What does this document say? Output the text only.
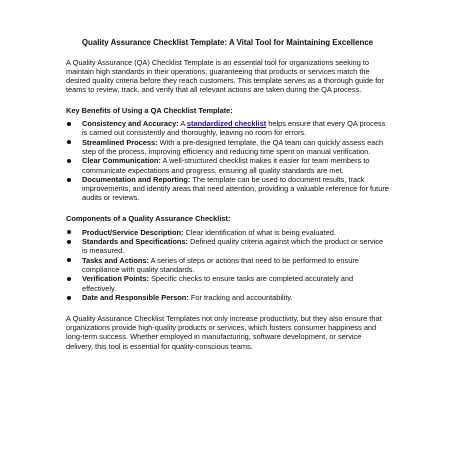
Quality Assurance Checklist Template: A Vital Tool for Maintaining Excellence

A Quality Assurance (QA) Checklist Template is an essential tool for organizations seeking to maintain high standards in their operations, guaranteeing that products or services match the desired quality criteria before they reach customers. This template serves as a thorough guide for teams to review, track, and verify that all relevant actions are taken during the QA process.

Key Benefits of Using a QA Checklist Template:
Consistency and Accuracy: A standardized checklist helps ensure that every QA process is carried out consistently and thoroughly, leaving no room for errors.
Streamlined Process: With a pre-designed template, the QA team can quickly assess each step of the process, improving efficiency and reducing time spent on manual verification.
Clear Communication: A well-structured checklist makes it easier for team members to communicate expectations and progress, ensuring all quality standards are met.
Documentation and Reporting: The template can be used to document results, track improvements, and identify areas that need attention, providing a valuable reference for future audits or reviews.
Components of a Quality Assurance Checklist:
Product/Service Description: Clear identification of what is being evaluated.
Standards and Specifications: Defined quality criteria against which the product or service is measured.
Tasks and Actions: A series of steps or actions that need to be performed to ensure compliance with quality standards.
Verification Points: Specific checks to ensure tasks are completed accurately and effectively.
Date and Responsible Person: For tracking and accountability.

A Quality Assurance Checklist Templates not only increase productivity, but they also ensure that organizations provide high-quality products or services, which fosters consumer happiness and long-term success. Whether employed in manufacturing, software development, or service delivery, this tool is essential for quality-conscious teams.
